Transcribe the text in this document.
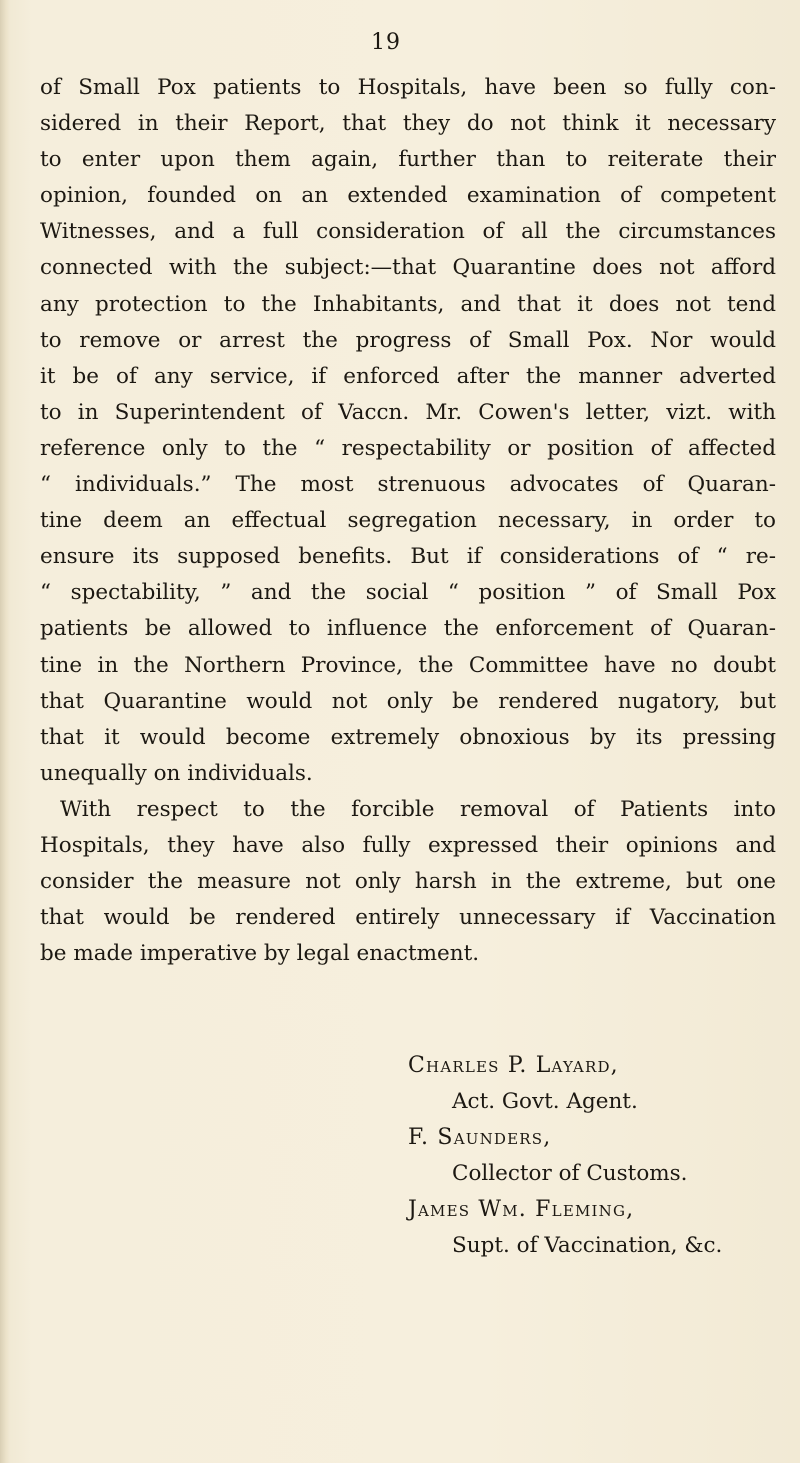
19
of Small Pox patients to Hospitals, have been so fully con-
sidered in their Report, that they do not think it necessary
to enter upon them again, further than to reiterate their
opinion, founded on an extended examination of competent
Witnesses, and a full consideration of all the circumstances
connected with the subject:—that Quarantine does not afford
any protection to the Inhabitants, and that it does not tend
to remove or arrest the progress of Small Pox. Nor would
it be of any service, if enforced after the manner adverted
to in Superintendent of Vaccn. Mr. Cowen's letter, vizt. with
reference only to the “ respectability or position of affected
“ individuals.” The most strenuous advocates of Quaran-
tine deem an effectual segregation necessary, in order to
ensure its supposed benefits. But if considerations of “ re-
“ spectability, ” and the social “ position ” of Small Pox
patients be allowed to influence the enforcement of Quaran-
tine in the Northern Province, the Committee have no doubt
that Quarantine would not only be rendered nugatory, but
that it would become extremely obnoxious by its pressing
unequally on individuals.
With respect to the forcible removal of Patients into
Hospitals, they have also fully expressed their opinions and
consider the measure not only harsh in the extreme, but one
that would be rendered entirely unnecessary if Vaccination
be made imperative by legal enactment.
Charles P. Layard,
Act. Govt. Agent.
F. Saunders,
Collector of Customs.
James Wm. Fleming,
Supt. of Vaccination, &c.
